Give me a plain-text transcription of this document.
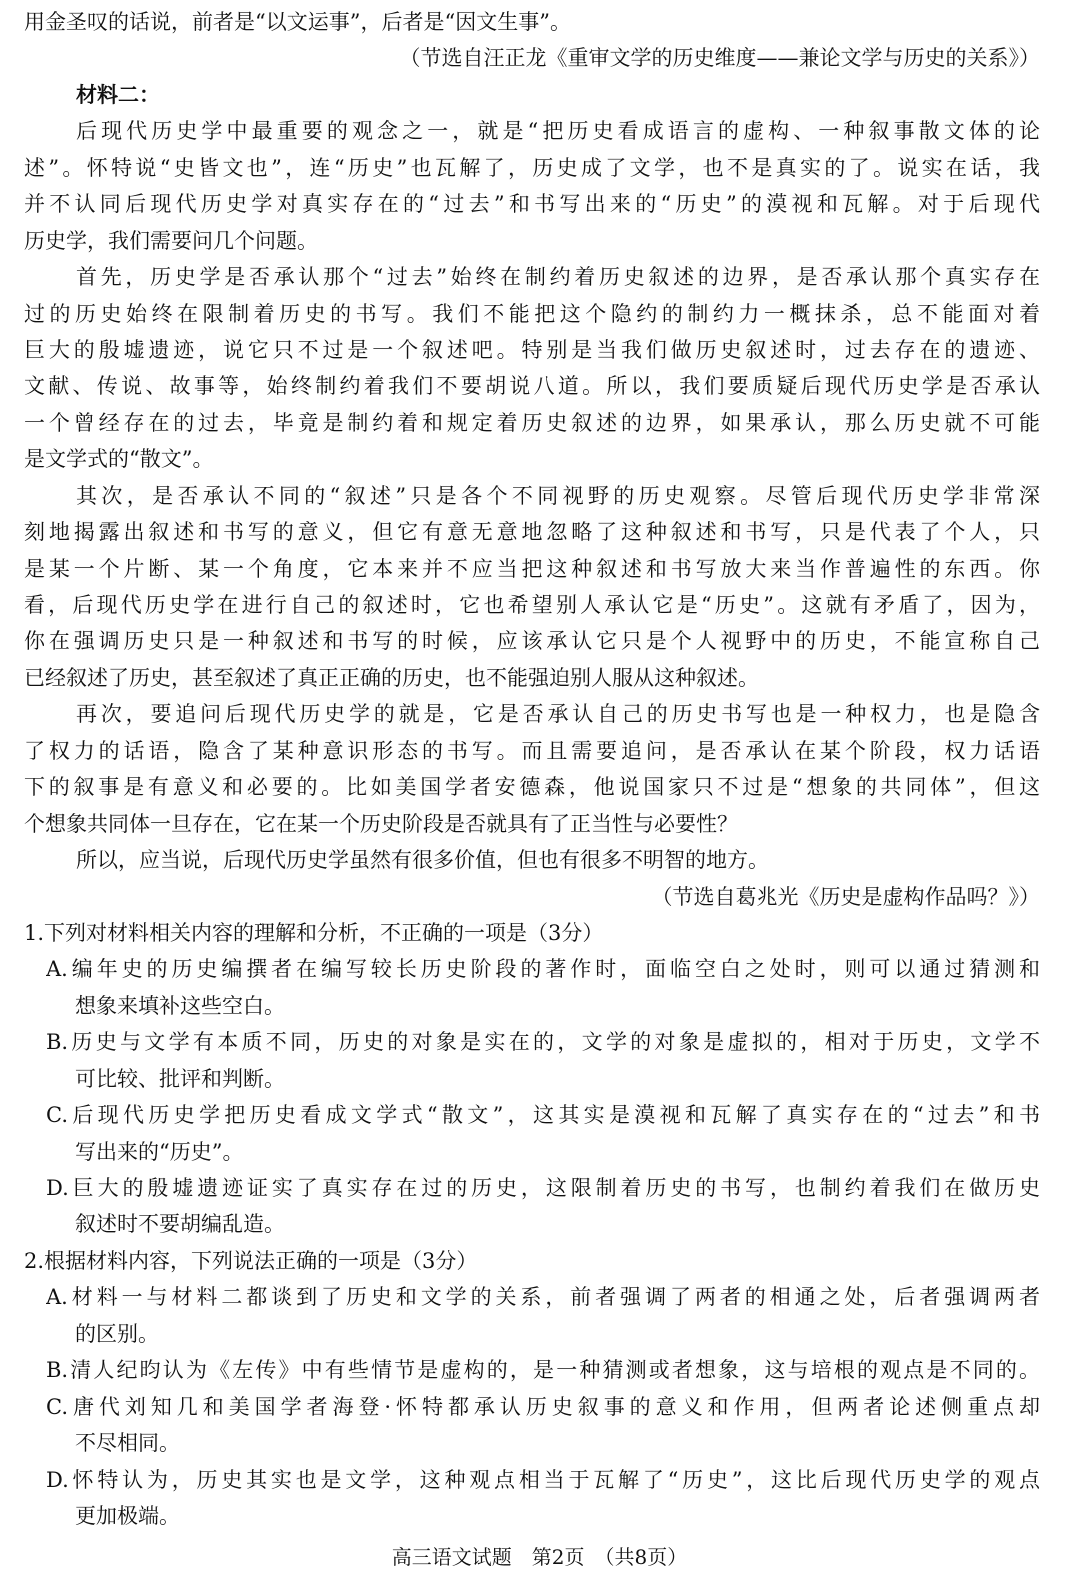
用金圣叹的话说，前者是“以文运事”，后者是“因文生事”。
（节选自汪正龙《重审文学的历史维度——兼论文学与历史的关系》）
材料二：
后现代历史学中最重要的观念之一，就是“把历史看成语言的虚构、一种叙事散文体的论
述”。怀特说“史皆文也”，连“历史”也瓦解了，历史成了文学，也不是真实的了。说实在话，我
并不认同后现代历史学对真实存在的“过去”和书写出来的“历史”的漠视和瓦解。对于后现代
历史学，我们需要问几个问题。
首先，历史学是否承认那个“过去”始终在制约着历史叙述的边界，是否承认那个真实存在
过的历史始终在限制着历史的书写。我们不能把这个隐约的制约力一概抹杀，总不能面对着
巨大的殷墟遗迹，说它只不过是一个叙述吧。特别是当我们做历史叙述时，过去存在的遗迹、
文献、传说、故事等，始终制约着我们不要胡说八道。所以，我们要质疑后现代历史学是否承认
一个曾经存在的过去，毕竟是制约着和规定着历史叙述的边界，如果承认，那么历史就不可能
是文学式的“散文”。
其次，是否承认不同的“叙述”只是各个不同视野的历史观察。尽管后现代历史学非常深
刻地揭露出叙述和书写的意义，但它有意无意地忽略了这种叙述和书写，只是代表了个人，只
是某一个片断、某一个角度，它本来并不应当把这种叙述和书写放大来当作普遍性的东西。你
看，后现代历史学在进行自己的叙述时，它也希望别人承认它是“历史”。这就有矛盾了，因为，
你在强调历史只是一种叙述和书写的时候，应该承认它只是个人视野中的历史，不能宣称自己
已经叙述了历史，甚至叙述了真正正确的历史，也不能强迫别人服从这种叙述。
再次，要追问后现代历史学的就是，它是否承认自己的历史书写也是一种权力，也是隐含
了权力的话语，隐含了某种意识形态的书写。而且需要追问，是否承认在某个阶段，权力话语
下的叙事是有意义和必要的。比如美国学者安德森，他说国家只不过是“想象的共同体”，但这
个想象共同体一旦存在，它在某一个历史阶段是否就具有了正当性与必要性？
所以，应当说，后现代历史学虽然有很多价值，但也有很多不明智的地方。
（节选自葛兆光《历史是虚构作品吗？》）
1.下列对材料相关内容的理解和分析，不正确的一项是（3分）
A.编年史的历史编撰者在编写较长历史阶段的著作时，面临空白之处时，则可以通过猜测和
想象来填补这些空白。
B.历史与文学有本质不同，历史的对象是实在的，文学的对象是虚拟的，相对于历史，文学不
可比较、批评和判断。
C.后现代历史学把历史看成文学式“散文”，这其实是漠视和瓦解了真实存在的“过去”和书
写出来的“历史”。
D.巨大的殷墟遗迹证实了真实存在过的历史，这限制着历史的书写，也制约着我们在做历史
叙述时不要胡编乱造。
2.根据材料内容，下列说法正确的一项是（3分）
A.材料一与材料二都谈到了历史和文学的关系，前者强调了两者的相通之处，后者强调两者
的区别。
B.清人纪昀认为《左传》中有些情节是虚构的，是一种猜测或者想象，这与培根的观点是不同的。
C.唐代刘知几和美国学者海登·怀特都承认历史叙事的意义和作用，但两者论述侧重点却
不尽相同。
D.怀特认为，历史其实也是文学，这种观点相当于瓦解了“历史”，这比后现代历史学的观点
更加极端。
高三语文试题　第2页　（共8页）
